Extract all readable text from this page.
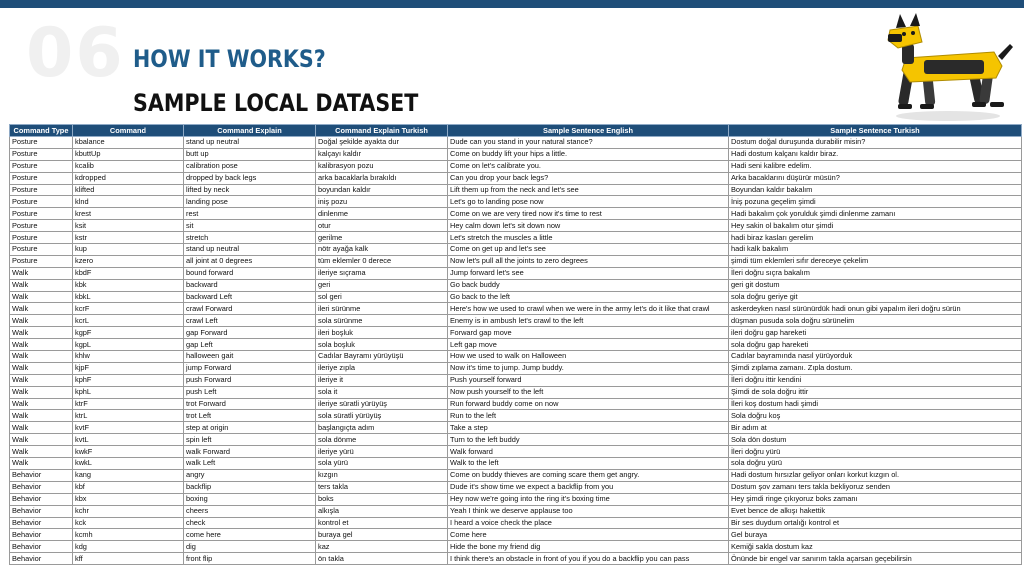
06 HOW IT WORKS?
SAMPLE LOCAL DATASET
Command Type	Command	Command Explain	Command Explain Turkish	Sample Sentence English	Sample Sentence Turkish
Posture	kbalance	stand up neutral	Doğal şekilde ayakta dur	Dude can you stand in your natural stance?	Dostum doğal duruşunda durabilir misin?
Posture	kbuttUp	butt up	kalçayı kaldır	Come on buddy lift your hips a little.	Hadi dostum kalçanı kaldır biraz.
Posture	kcalib	calibration pose	kalibrasyon pozu	Come on let's calibrate you.	Hadi seni kalibre edelim.
Posture	kdropped	dropped by back legs	arka bacaklarla bırakıldı	Can you drop your back legs?	Arka bacaklarını düşürür müsün?
Posture	klifted	lifted by neck	boyundan kaldır	Lift them up from the neck and let's see	Boyundan kaldır bakalım
Posture	klnd	landing pose	iniş pozu	Let's go to landing pose now	İniş pozuna geçelim şimdi
Posture	krest	rest	dinlenme	Come on we are very tired now it's time to rest	Hadi bakalım çok yorulduk şimdi dinlenme zamanı
Posture	ksit	sit	otur	Hey calm down let's sit down now	Hey sakin ol bakalım otur şimdi
Posture	kstr	stretch	gerilme	Let's stretch the muscles a little	hadi biraz kasları gerelim
Posture	kup	stand up neutral	nötr ayağa kalk	Come on get up and let's see	hadi kalk bakalım
Posture	kzero	all joint at 0 degrees	tüm eklemler 0 derece	Now let's pull all the joints to zero degrees	şimdi tüm eklemleri sıfır dereceye çekelim
Walk	kbdF	bound forward	ileriye sıçrama	Jump forward let's see	İleri doğru sıçra bakalım
Walk	kbk	backward	geri	Go back buddy	geri git dostum
Walk	kbkL	backward Left	sol geri	Go back to the left	sola doğru geriye git
Walk	kcrF	crawl Forward	ileri sürünme	Here's how we used to crawl when we were in the army let's do it like that crawl	askerdeyken nasıl sürünürdük hadi onun gibi yapalım ileri doğru sürün
Walk	kcrL	crawl Left	sola sürünme	Enemy is in ambush let's crawl to the left	düşman pusuda sola doğru sürünelim
Walk	kgpF	gap Forward	ileri boşluk	Forward gap move	ileri doğru gap hareketi
Walk	kgpL	gap Left	sola boşluk	Left gap move	sola doğru gap hareketi
Walk	khlw	halloween gait	Cadılar Bayramı yürüyüşü	How we used to walk on Halloween	Cadılar bayramında nasıl yürüyorduk
Walk	kjpF	jump Forward	ileriye zıpla	Now it's time to jump. Jump buddy.	Şimdi zıplama zamanı. Zıpla dostum.
Walk	kphF	push Forward	ileriye it	Push yourself forward	İleri doğru ittir kendini
Walk	kphL	push Left	sola it	Now push yourself to the left	Şimdi de sola doğru ittir
Walk	ktrF	trot Forward	ileriye süratli yürüyüş	Run forward buddy come on now	İleri koş dostum hadi şimdi
Walk	ktrL	trot Left	sola süratli yürüyüş	Run to the left	Sola doğru koş
Walk	kvtF	step at origin	başlangıçta adım	Take a step	Bir adım at
Walk	kvtL	spin left	sola dönme	Turn to the left buddy	Sola dön dostum
Walk	kwkF	walk Forward	ileriye yürü	Walk forward	İleri doğru yürü
Walk	kwkL	walk Left	sola yürü	Walk to the left	sola doğru yürü
Behavior	kang	angry	kızgın	Come on buddy thieves are coming scare them get angry.	Hadi dostum hırsızlar geliyor onları korkut kızgın ol.
Behavior	kbf	backflip	ters takla	Dude it's show time we expect a backflip from you	Dostum şov zamanı ters takla bekliyoruz senden
Behavior	kbx	boxing	boks	Hey now we're going into the ring it's boxing time	Hey şimdi ringe çıkıyoruz boks zamanı
Behavior	kchr	cheers	alkışla	Yeah I think we deserve applause too	Evet bence de alkışı hakettik
Behavior	kck	check	kontrol et	I heard a voice check the place	Bir ses duydum ortalığı kontrol et
Behavior	kcmh	come here	buraya gel	Come here	Gel buraya
Behavior	kdg	dig	kaz	Hide the bone my friend dig	Kemiği sakla dostum kaz
Behavior	kff	front flip	ön takla	I think there's an obstacle in front of you if you do a backflip you can pass	Önünde bir engel var sanırım takla açarsan geçebilirsin
